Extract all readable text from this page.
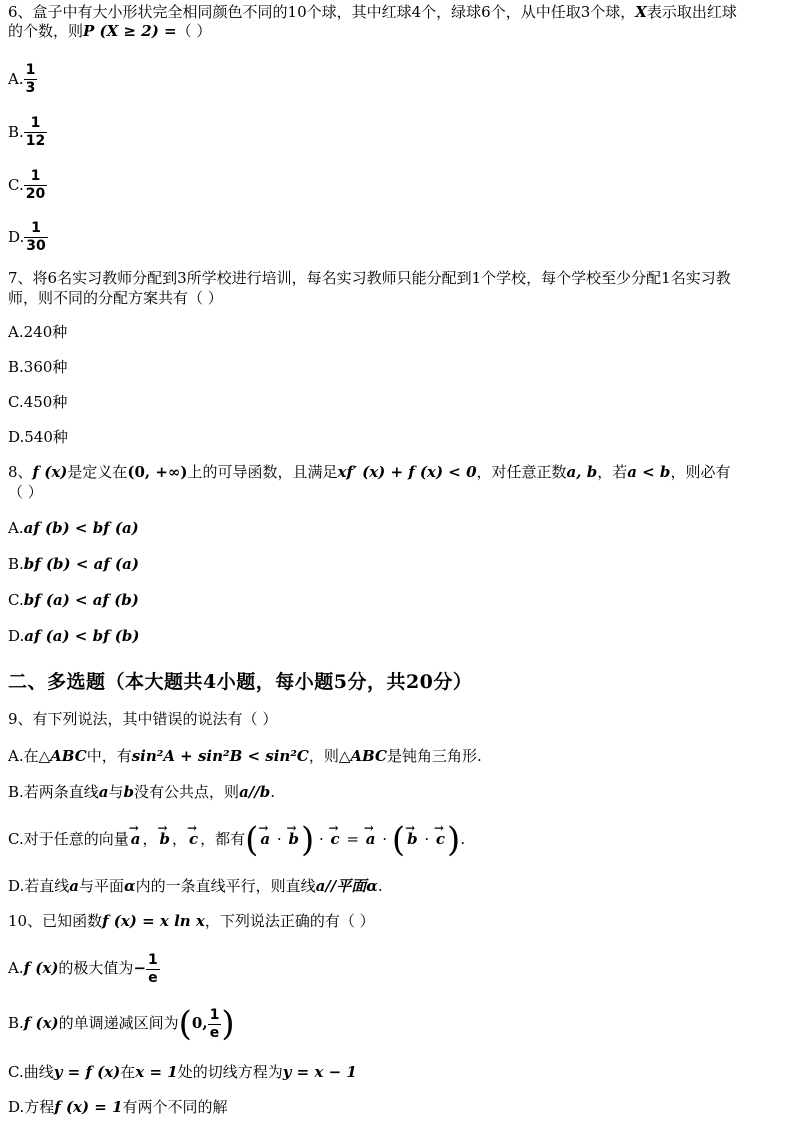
6、盒子中有大小形状完全相同颜色不同的10个球，其中红球4个，绿球6个，从中任取3个球，X表示取出红球
的个数，则P (X ≥ 2) =（ ）
A. $\frac{1}{3}$
B. $\frac{1}{12}$
C. $\frac{1}{20}$
D. $\frac{1}{30}$
7、将6名实习教师分配到3所学校进行培训，每名实习教师只能分配到1个学校，每个学校至少分配1名实习教
师，则不同的分配方案共有（ ）
A.240种
B.360种
C.450种
D.540种
8、f (x)是定义在(0, +∞)上的可导函数，且满足xf′ (x) + f (x) < 0，对任意正数a, b，若a < b，则必有
（ ）
A.af (b) < bf (a)
B.bf (b) < af (a)
C.bf (a) < af (b)
D.af (a) < bf (b)
二、多选题（本大题共4小题，每小题5分，共20分）
9、有下列说法，其中错误的说法有（ ）
A.在△ABC中，有sin²A + sin²B < sin²C，则△ABC是钝角三角形.
B.若两条直线a与b没有公共点，则a//b.
C.对于任意的向量 → a ， → b ， → c ，都有( → a · → b) · → c = → a · ( → b · → c).
D.若直线a与平面α内的一条直线平行，则直线a//平面α.
10、已知函数f (x) = x ln x，下列说法正确的有（ ）
A.f (x)的极大值为− $\frac{1}{e}$
B.f (x)的单调递减区间为(0, $\frac{1}{e}$ )
C.曲线y = f (x)在x = 1处的切线方程为y = x − 1
D.方程f (x) = 1有两个不同的解
